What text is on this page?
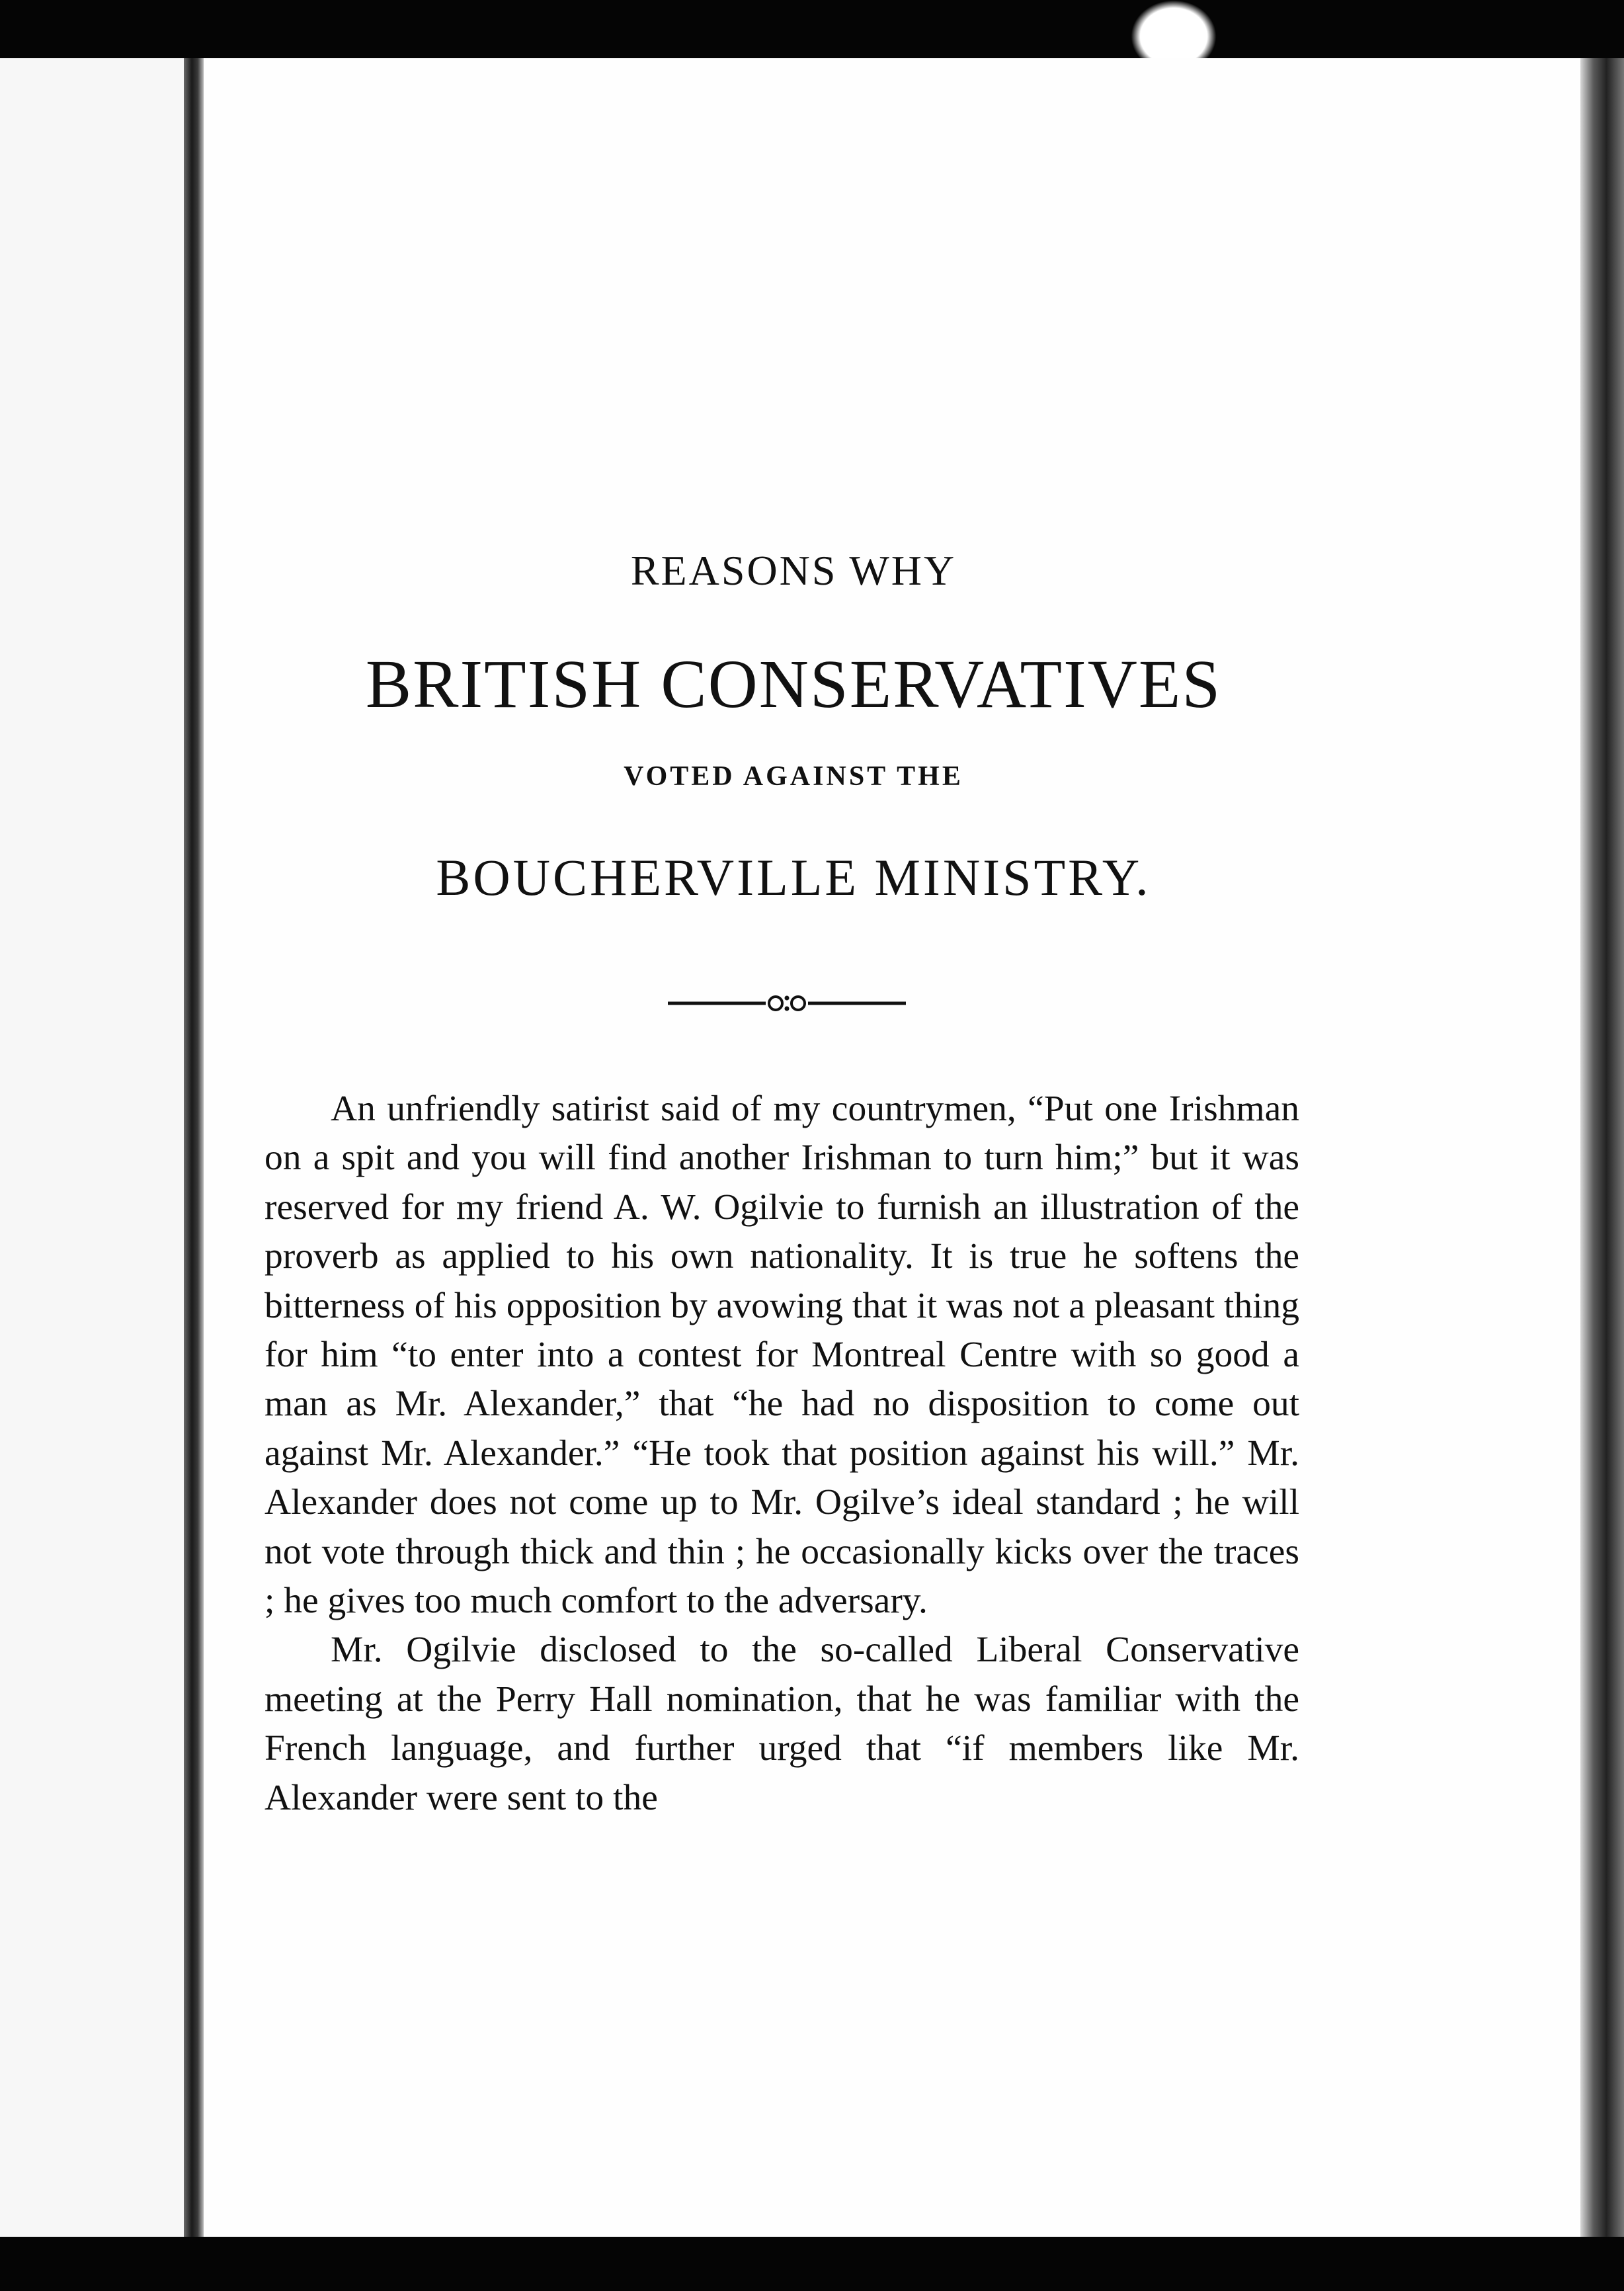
REASONS WHY
BRITISH CONSERVATIVES
VOTED AGAINST THE
BOUCHERVILLE MINISTRY.

An unfriendly satirist said of my countrymen, “Put one Irishman on a spit and you will find another Irishman to turn him;” but it was reserved for my friend A. W. Ogilvie to furnish an illustration of the proverb as applied to his own nationality. It is true he softens the bitterness of his opposition by avowing that it was not a pleasant thing for him “to enter into a contest for Montreal Centre with so good a man as Mr. Alexander,” that “he had no disposition to come out against Mr. Alexander.” “He took that position against his will.” Mr. Alexander does not come up to Mr. Ogilve’s ideal standard ; he will not vote through thick and thin ; he occasionally kicks over the traces ; he gives too much comfort to the adversary.

Mr. Ogilvie disclosed to the so-called Liberal Conservative meeting at the Perry Hall nomination, that he was familiar with the French language, and further urged that “if members like Mr. Alexander were sent to the
